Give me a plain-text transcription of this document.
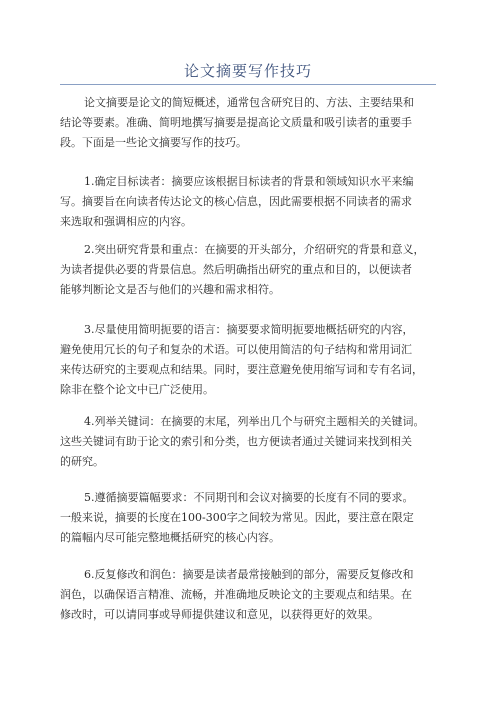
论文摘要写作技巧
论文摘要是论文的简短概述，通常包含研究目的、方法、主要结果和
结论等要素。准确、简明地撰写摘要是提高论文质量和吸引读者的重要手
段。下面是一些论文摘要写作的技巧。
1.确定目标读者：摘要应该根据目标读者的背景和领域知识水平来编
写。摘要旨在向读者传达论文的核心信息，因此需要根据不同读者的需求
来选取和强调相应的内容。
2.突出研究背景和重点：在摘要的开头部分，介绍研究的背景和意义，
为读者提供必要的背景信息。然后明确指出研究的重点和目的，以便读者
能够判断论文是否与他们的兴趣和需求相符。
3.尽量使用简明扼要的语言：摘要要求简明扼要地概括研究的内容，
避免使用冗长的句子和复杂的术语。可以使用简洁的句子结构和常用词汇
来传达研究的主要观点和结果。同时，要注意避免使用缩写词和专有名词，
除非在整个论文中已广泛使用。
4.列举关键词：在摘要的末尾，列举出几个与研究主题相关的关键词。
这些关键词有助于论文的索引和分类，也方便读者通过关键词来找到相关
的研究。
5.遵循摘要篇幅要求：不同期刊和会议对摘要的长度有不同的要求。
一般来说，摘要的长度在100-300字之间较为常见。因此，要注意在限定
的篇幅内尽可能完整地概括研究的核心内容。
6.反复修改和润色：摘要是读者最常接触到的部分，需要反复修改和
润色，以确保语言精准、流畅，并准确地反映论文的主要观点和结果。在
修改时，可以请同事或导师提供建议和意见，以获得更好的效果。
